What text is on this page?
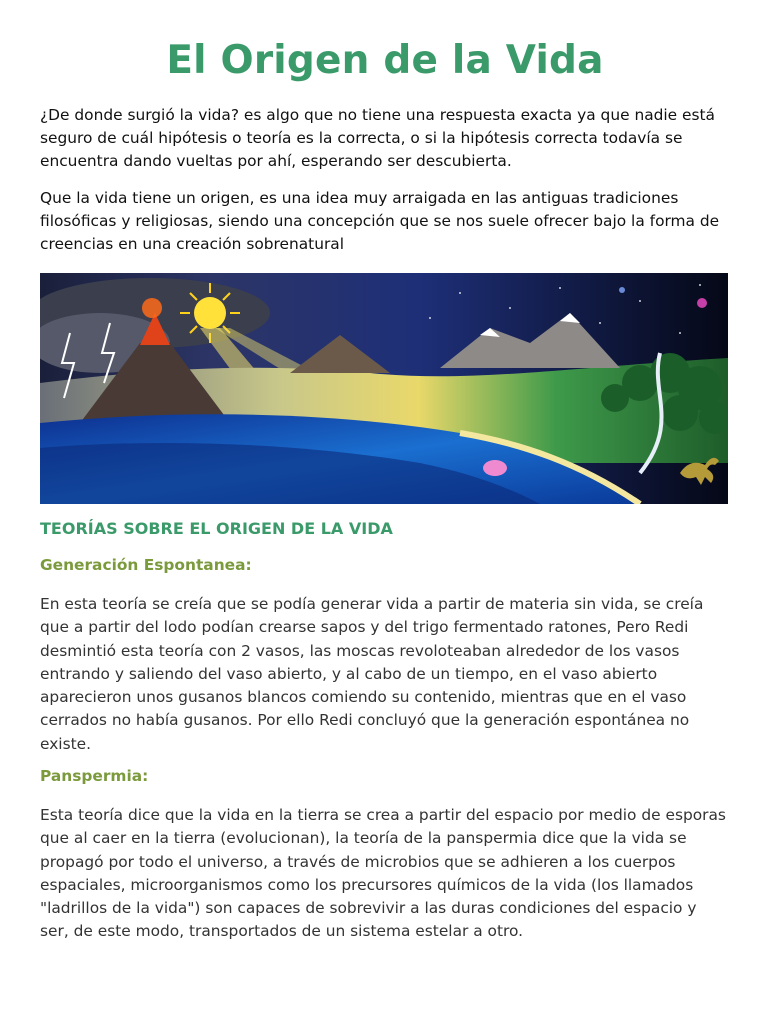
El Origen de la Vida

¿De donde surgió la vida? es algo que no tiene una respuesta exacta ya que nadie está seguro de cuál hipótesis o teoría es la correcta, o si la hipótesis correcta todavía se encuentra dando vueltas por ahí, esperando ser descubierta.

Que la vida tiene un origen, es una idea muy arraigada en las antiguas tradiciones filosóficas y religiosas, siendo una concepción que se nos suele ofrecer bajo la forma de creencias en una creación sobrenatural

TEORÍAS SOBRE EL ORIGEN DE LA VIDA
Generación Espontanea:

En esta teoría se creía que se podía generar vida a partir de materia sin vida, se creía que a partir del lodo podían crearse sapos y del trigo fermentado ratones, Pero Redi desmintió esta teoría con 2 vasos, las moscas revoloteaban alrededor de los vasos entrando y saliendo del vaso abierto, y al cabo de un tiempo, en el vaso abierto aparecieron unos gusanos blancos comiendo su contenido, mientras que en el vaso cerrados no había gusanos. Por ello Redi concluyó que la generación espontánea no existe.

Panspermia:

Esta teoría dice que la vida en la tierra se crea a partir del espacio por medio de esporas que al caer en la tierra (evolucionan), la teoría de la panspermia dice que la vida se propagó por todo el universo, a través de microbios que se adhieren a los cuerpos espaciales, microorganismos como los precursores químicos de la vida (los llamados "ladrillos de la vida") son capaces de sobrevivir a las duras condiciones del espacio y ser, de este modo, transportados de un sistema estelar a otro.
